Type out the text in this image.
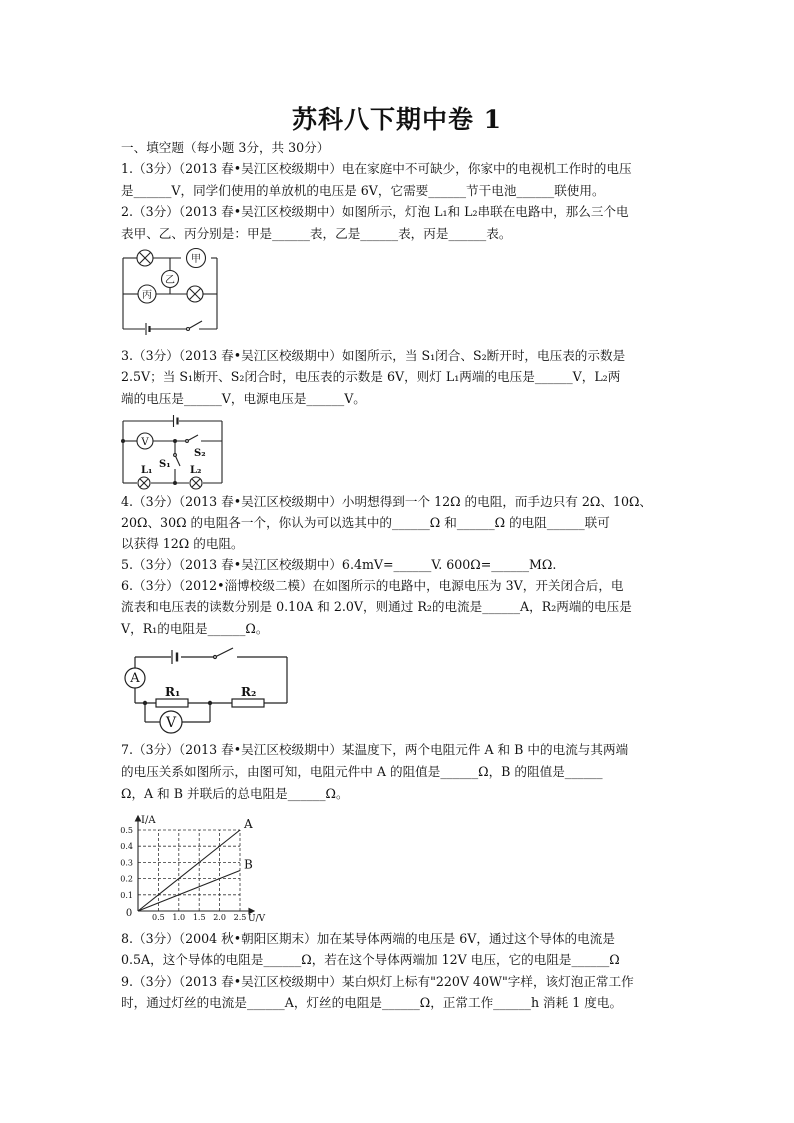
苏科八下期中卷 1
一、填空题（每小题 3分，共 30分）
1.（3分）（2013 春•吴江区校级期中）电在家庭中不可缺少，你家中的电视机工作时的电压
是______V，同学们使用的单放机的电压是 6V，它需要______节干电池______联使用。
2.（3分）（2013 春•吴江区校级期中）如图所示，灯泡 L₁和 L₂串联在电路中，那么三个电
表甲、乙、丙分别是：甲是______表，乙是______表，丙是______表。
甲
乙
丙
3.（3分）（2013 春•吴江区校级期中）如图所示，当 S₁闭合、S₂断开时，电压表的示数是
2.5V；当 S₁断开、S₂闭合时，电压表的示数是 6V，则灯 L₁两端的电压是______V，L₂两
端的电压是______V，电源电压是______V。
V
S₂
S₁
L₁	L₂
4.（3分）（2013 春•吴江区校级期中）小明想得到一个 12Ω 的电阻，而手边只有 2Ω、10Ω、
20Ω、30Ω 的电阻各一个，你认为可以选其中的______Ω 和______Ω 的电阻______联可
以获得 12Ω 的电阻。
5.（3分）（2013 春•吴江区校级期中）6.4mV=______V. 600Ω=______MΩ.
6.（3分）（2012•淄博校级二模）在如图所示的电路中，电源电压为 3V，开关闭合后，电
流表和电压表的读数分别是 0.10A 和 2.0V，则通过 R₂的电流是______A，R₂两端的电压是
V，R₁的电阻是______Ω。
A
V
R₁	R₂
7.（3分）（2013 春•吴江区校级期中）某温度下，两个电阻元件 A 和 B 中的电流与其两端
的电压关系如图所示，由图可知，电阻元件中 A 的阻值是______Ω，B 的阻值是______
Ω，A 和 B 并联后的总电阻是______Ω。
0.5 1.0 1.5 2.0 2.5
0.1
0.2
0.3
0.4
0.5
0
I/A
U/V
A
B
8.（3分）（2004 秋•朝阳区期末）加在某导体两端的电压是 6V，通过这个导体的电流是
0.5A，这个导体的电阻是______Ω，若在这个导体两端加 12V 电压，它的电阻是______Ω
9.（3分）（2013 春•吴江区校级期中）某白炽灯上标有"220V 40W"字样，该灯泡正常工作
时，通过灯丝的电流是______A，灯丝的电阻是______Ω，正常工作______h 消耗 1 度电。
